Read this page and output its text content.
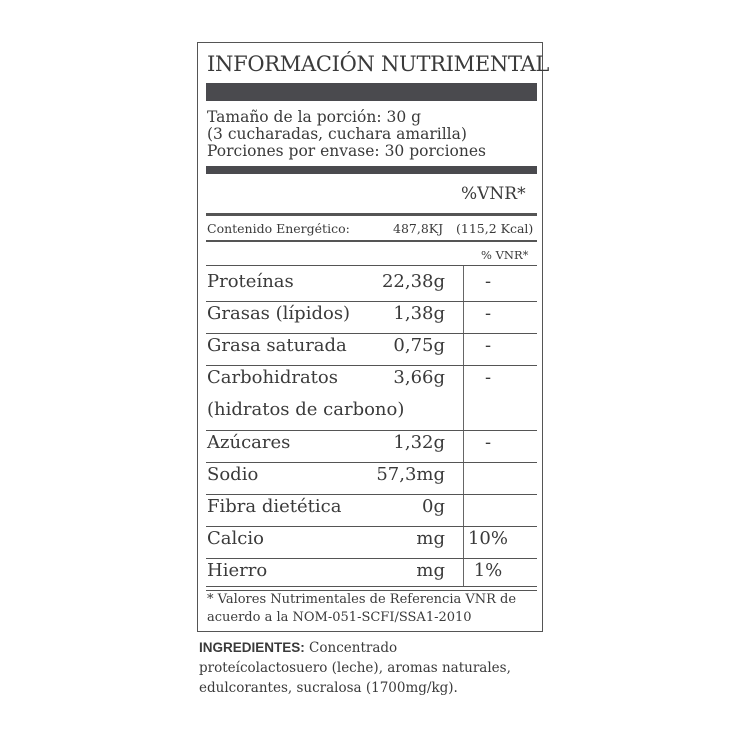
INFORMACIÓN NUTRIMENTAL
Tamaño de la porción: 30 g
(3 cucharadas, cuchara amarilla)
Porciones por envase: 30 porciones
%VNR*
Contenido Energético:	487,8KJ (115,2 Kcal)
% VNR*
Proteínas	22,38g	-
Grasas (lípidos)	1,38g	-
Grasa saturada	0,75g	-
Carbohidratos	3,66g	-
(hidratos de carbono)
Azúcares	1,32g	-
Sodio	57,3mg
Fibra dietética	0g
Calcio	mg	10%
Hierro	mg	1%
* Valores Nutrimentales de Referencia VNR de acuerdo a la NOM-051-SCFI/SSA1-2010
INGREDIENTES: Concentrado proteícolactosuero (leche), aromas naturales, edulcorantes, sucralosa (1700mg/kg).
